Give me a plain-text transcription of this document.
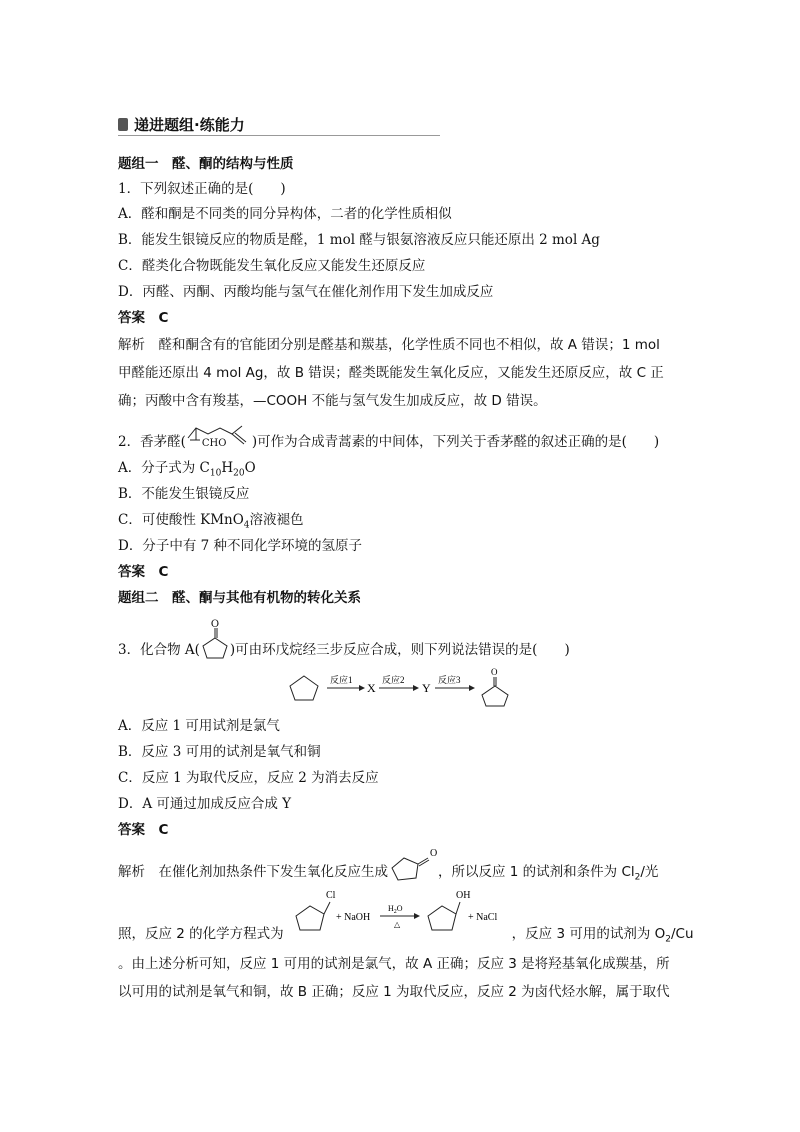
递进题组·练能力
题组一　醛、酮的结构与性质
1．下列叙述正确的是(　　)
A．醛和酮是不同类的同分异构体，二者的化学性质相似
B．能发生银镜反应的物质是醛，1 mol 醛与银氨溶液反应只能还原出 2 mol Ag
C．醛类化合物既能发生氧化反应又能发生还原反应
D．丙醛、丙酮、丙酸均能与氢气在催化剂作用下发生加成反应
答案　C
解析　醛和酮含有的官能团分别是醛基和羰基，化学性质不同也不相似，故 A 错误；1 mol
甲醛能还原出 4 mol Ag，故 B 错误；醛类既能发生氧化反应，又能发生还原反应，故 C 正
确；丙酸中含有羧基，—COOH 不能与氢气发生加成反应，故 D 错误。
2．香茅醛( CHO )可作为合成青蒿素的中间体，下列关于香茅醛的叙述正确的是(　　)
A．分子式为 $C_{10}H_{20}O$
B．不能发生银镜反应
C．可使酸性 KMnO$_4$溶液褪色
D．分子中有 7 种不同化学环境的氢原子
答案　C
题组二　醛、酮与其他有机物的转化关系
3．化合物 A(
O
)可由环戊烷经三步反应合成，则下列说法错误的是(　　)
反应1
X
反应2
Y
反应3
O
A．反应 1 可用试剂是氯气
B．反应 3 可用的试剂是氧气和铜
C．反应 1 为取代反应，反应 2 为消去反应
D．A 可通过加成反应合成 Y
答案　C
解析　在催化剂加热条件下发生氧化反应生成
O
，所以反应 1 的试剂和条件为 $Cl_2/$光
Cl
+ NaOH
$H_2O$
△
OH
+ NaCl
照，反应 2 的化学方程式为	，反应 3 可用的试剂为 $O_2/Cu$
。由上述分析可知，反应 1 可用的试剂是氯气，故 A 正确；反应 3 是将羟基氧化成羰基，所
以可用的试剂是氧气和铜，故 B 正确；反应 1 为取代反应，反应 2 为卤代烃水解，属于取代
